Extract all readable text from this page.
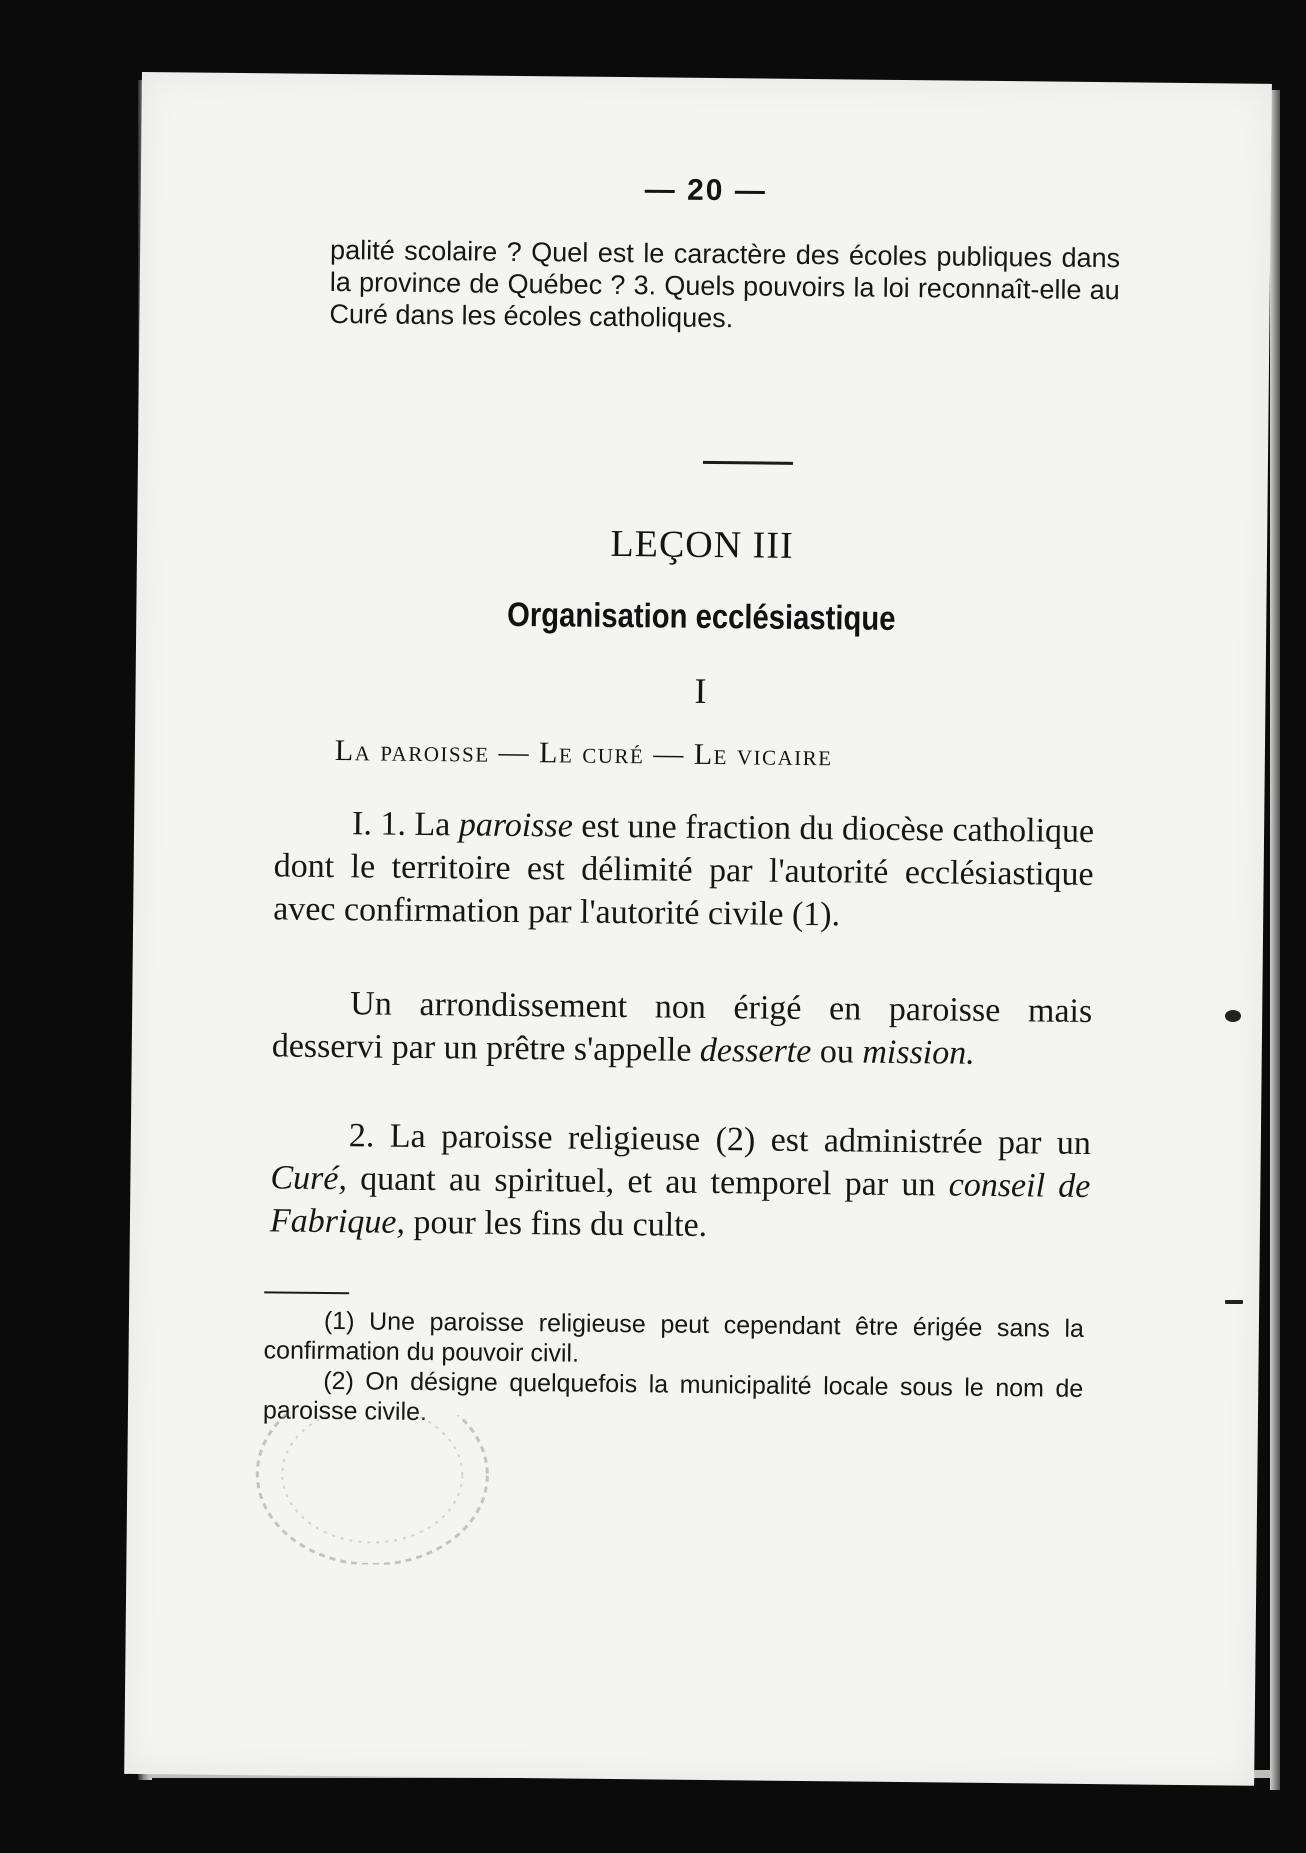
— 20 —
palité scolaire ? Quel est le caractère des écoles publiques dans la province de Québec ? 3. Quels pouvoirs la loi reconnaît-elle au Curé dans les écoles catholiques.
LEÇON III
Organisation ecclésiastique
I
La paroisse — Le curé — Le vicaire
I. 1. La paroisse est une fraction du diocèse catholique dont le territoire est délimité par l'autorité ecclésiastique avec confirmation par l'autorité civile (1).
Un arrondissement non érigé en paroisse mais desservi par un prêtre s'appelle desserte ou mission.
2. La paroisse religieuse (2) est administrée par un Curé, quant au spirituel, et au temporel par un conseil de Fabrique, pour les fins du culte.

(1) Une paroisse religieuse peut cependant être érigée sans la confirmation du pouvoir civil.

(2) On désigne quelquefois la municipalité locale sous le nom de paroisse civile.
